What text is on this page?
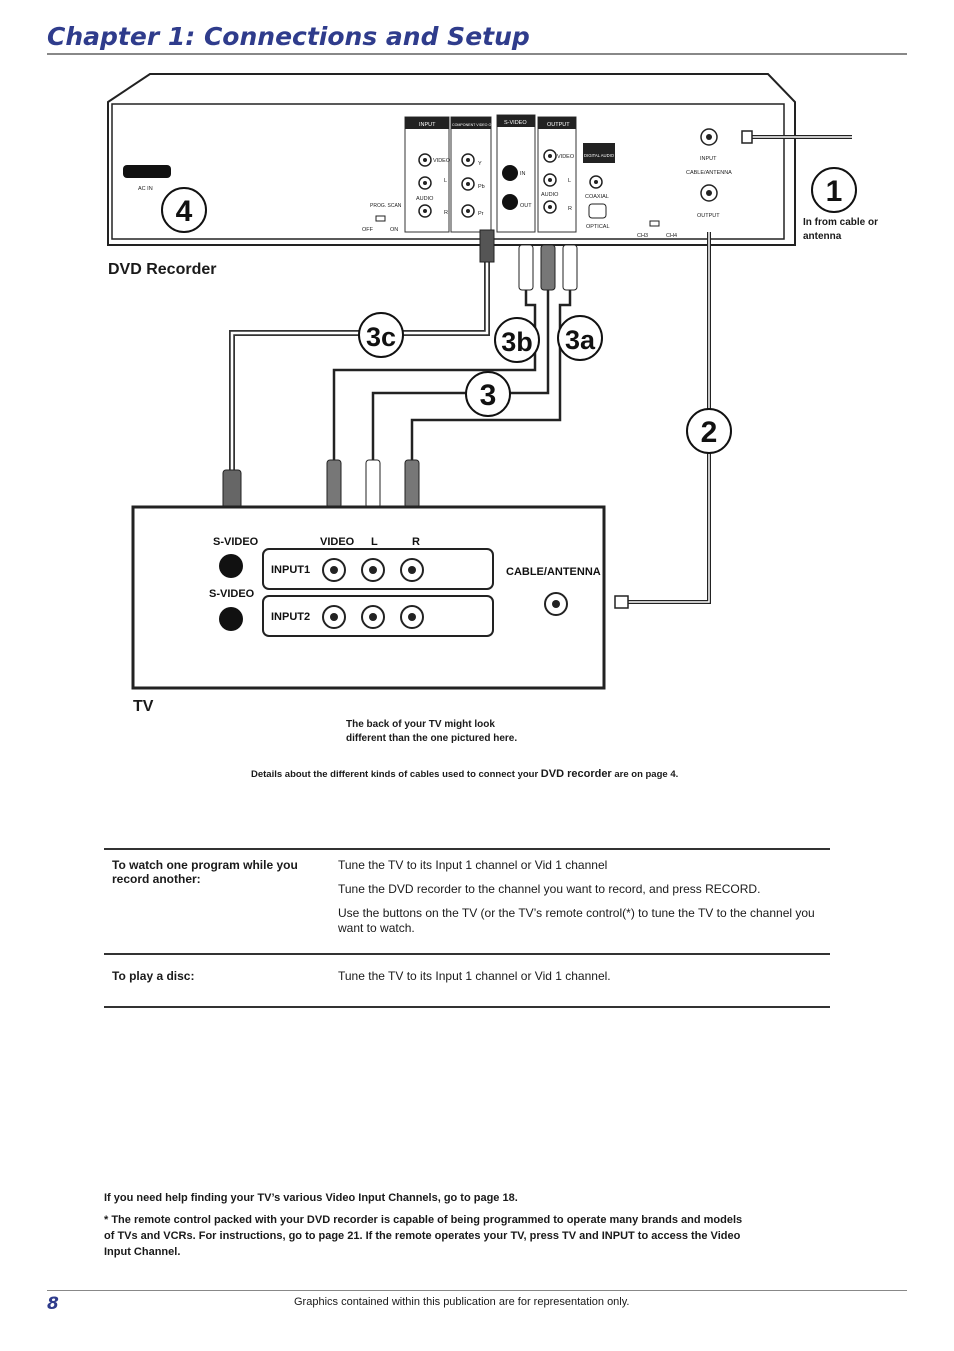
Chapter 1: Connections and Setup
AC IN
INPUT	COMPONENT VIDEO OUT S-VIDEO	OUTPUT
DIGITAL AUDIO OUT
VIDEO
AUDIO
L
R
Y
Pb
Pr
IN
OUT
VIDEO
AUDIO
L
R
COAXIAL
OPTICAL
PROG. SCAN
OFF	ON
INPUT
CABLE/ANTENNA
OUTPUT
CH3	CH4
1
2
3
3a
3b
3c
4
S-VIDEO
S-VIDEO
VIDEO L	R
INPUT1
INPUT2
CABLE/ANTENNA
DVD Recorder
TV
In from cable or antenna
The back of your TV might look different than the one pictured here.
Details about the different kinds of cables used to connect your DVD recorder are on page 4.
To watch one program while you record another:	Tune the TV to its Input 1 channel or Vid 1 channel

Tune the DVD recorder to the channel you want to record, and press RECORD.

Use the buttons on the TV (or the TV’s remote control(*) to tune the TV to the channel you want to watch.

To play a disc:	Tune the TV to its Input 1 channel or Vid 1 channel.

If you need help finding your TV’s various Video Input Channels, go to page 18.
* The remote control packed with your DVD recorder is capable of being programmed to operate many brands and models of TVs and VCRs. For instructions, go to page 21. If the remote operates your TV, press TV and INPUT to access the Video Input Channel.
8	Graphics contained within this publication are for representation only.
